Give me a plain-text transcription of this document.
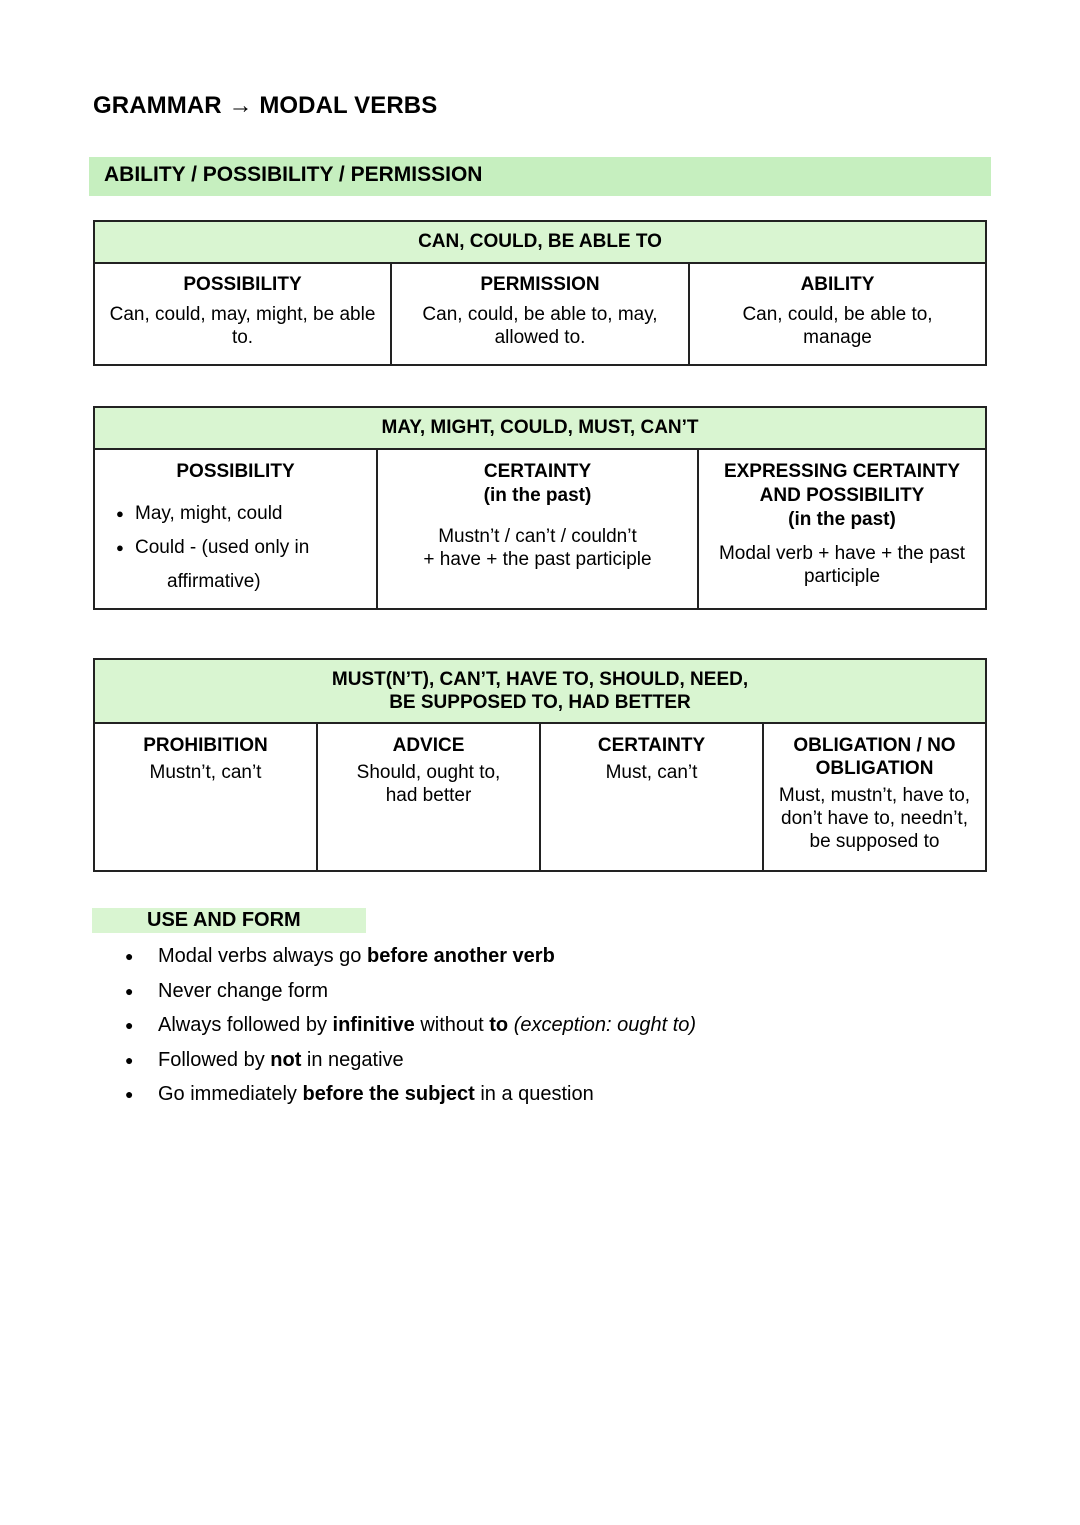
GRAMMAR → MODAL VERBS
ABILITY / POSSIBILITY / PERMISSION
CAN, COULD, BE ABLE TO

POSSIBILITY
Can, could, may, might, be able to.

PERMISSION
Can, could, be able to, may, allowed to.

ABILITY
Can, could, be able to, manage
MAY, MIGHT, COULD, MUST, CAN’T

POSSIBILITY
● May, might, could
● Could - (used only in
affirmative)

CERTAINTY
(in the past)
Mustn’t / can’t / couldn’t
+ have + the past participle

EXPRESSING CERTAINTY
AND POSSIBILITY
(in the past)
Modal verb + have + the past participle
MUST(N’T), CAN’T, HAVE TO, SHOULD, NEED,
BE SUPPOSED TO, HAD BETTER

PROHIBITION
Mustn’t, can’t

ADVICE
Should, ought to, had better

CERTAINTY
Must, can’t

OBLIGATION / NO OBLIGATION
Must, mustn’t, have to, don’t have to, needn’t, be supposed to
USE AND FORM
● Modal verbs always go before another verb
● Never change form
● Always followed by infinitive without to (exception: ought to)
● Followed by not in negative
● Go immediately before the subject in a question
